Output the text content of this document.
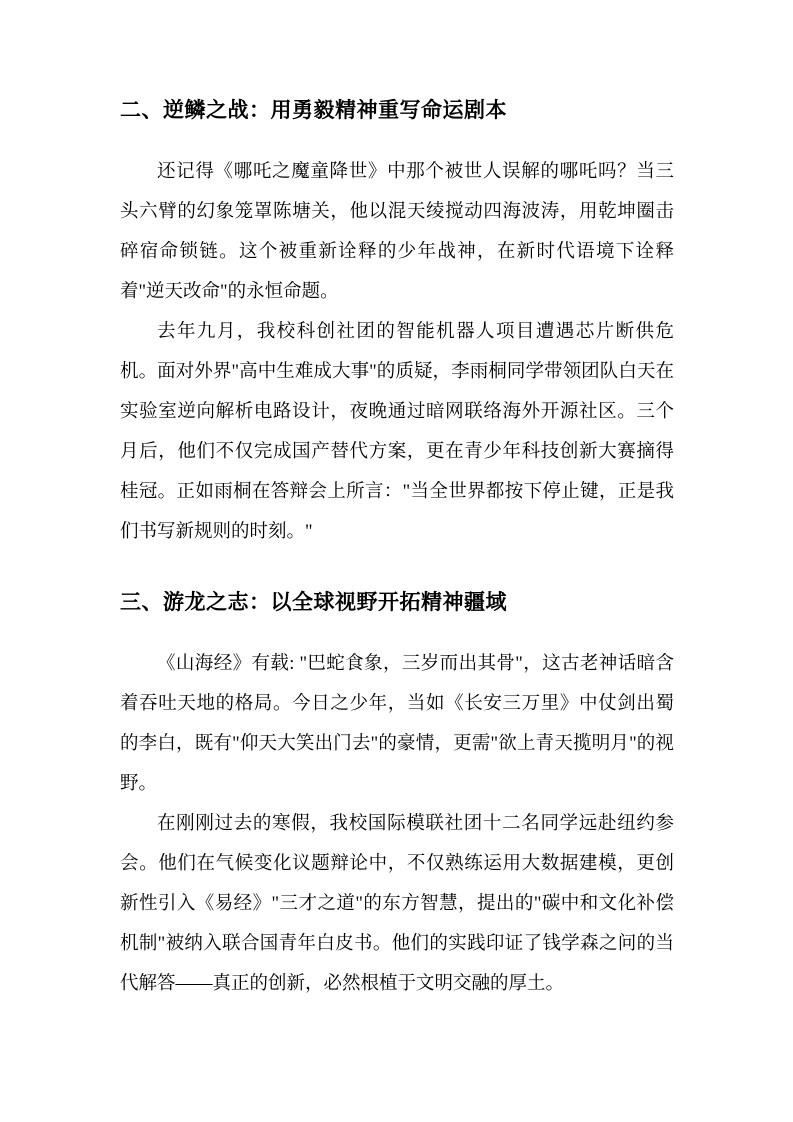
二、逆鳞之战：用勇毅精神重写命运剧本

还记得《哪吒之魔童降世》中那个被世人误解的哪吒吗？当三头六臂的幻象笼罩陈塘关，他以混天绫搅动四海波涛，用乾坤圈击碎宿命锁链。这个被重新诠释的少年战神，在新时代语境下诠释着"逆天改命"的永恒命题。

去年九月，我校科创社团的智能机器人项目遭遇芯片断供危机。面对外界"高中生难成大事"的质疑，李雨桐同学带领团队白天在实验室逆向解析电路设计，夜晚通过暗网联络海外开源社区。三个月后，他们不仅完成国产替代方案，更在青少年科技创新大赛摘得桂冠。正如雨桐在答辩会上所言："当全世界都按下停止键，正是我们书写新规则的时刻。"

三、游龙之志：以全球视野开拓精神疆域

《山海经》有载: "巴蛇食象，三岁而出其骨"，这古老神话暗含着吞吐天地的格局。今日之少年，当如《长安三万里》中仗剑出蜀的李白，既有"仰天大笑出门去"的豪情，更需"欲上青天揽明月"的视野。

在刚刚过去的寒假，我校国际模联社团十二名同学远赴纽约参会。他们在气候变化议题辩论中，不仅熟练运用大数据建模，更创新性引入《易经》"三才之道"的东方智慧，提出的"碳中和文化补偿机制"被纳入联合国青年白皮书。他们的实践印证了钱学森之问的当代解答——真正的创新，必然根植于文明交融的厚土。
